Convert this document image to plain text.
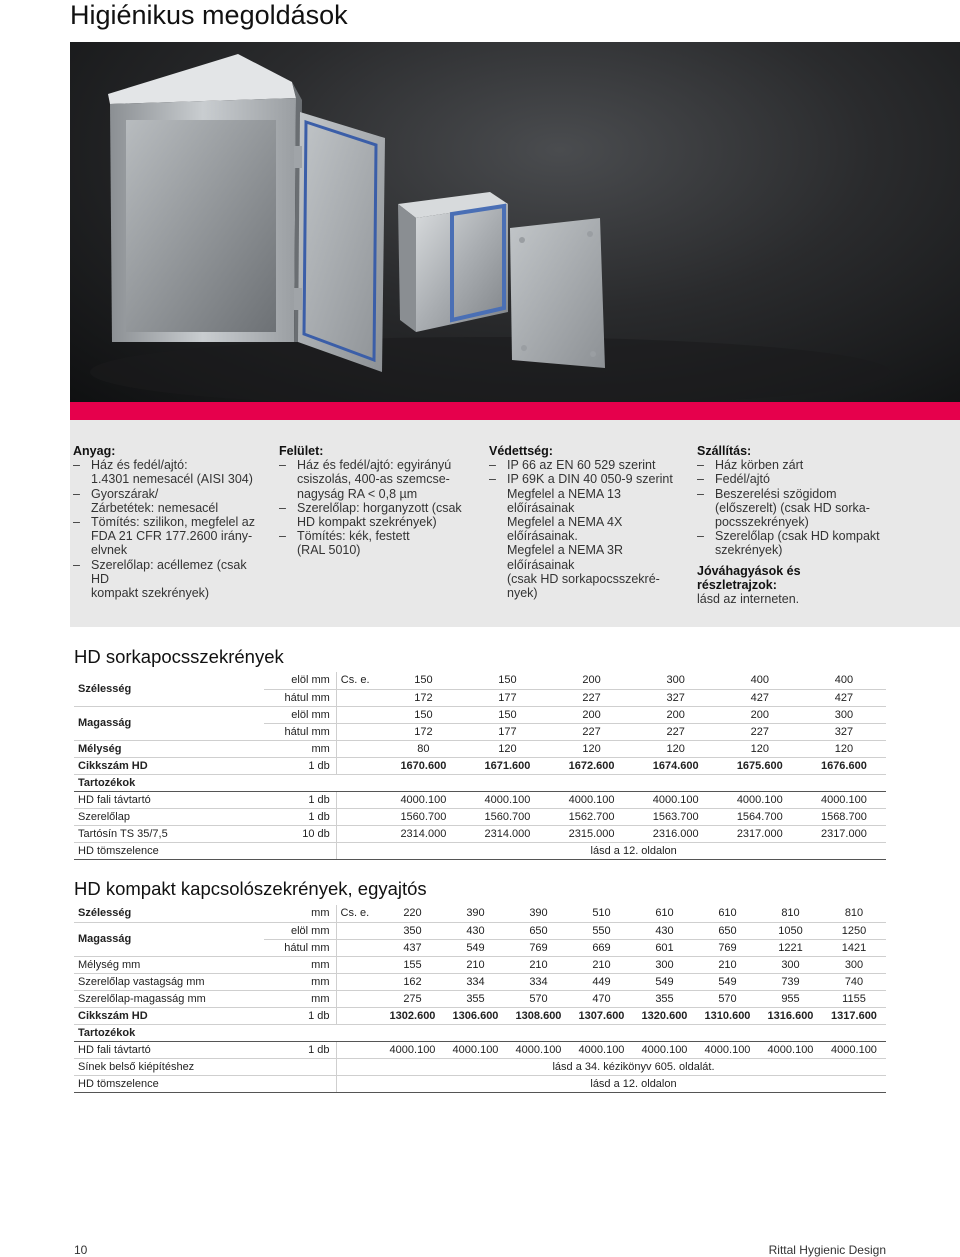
Higiénikus megoldások
Anyag:
– Ház és fedél/ajtó:
1.4301 nemesacél (AISI 304)
– Gyorszárak/
Zárbetétek: nemesacél
– Tömítés: szilikon, megfelel az
FDA 21 CFR 177.2600 irány-
elvnek
– Szerelőlap: acéllemez (csak HD
kompakt szekrények)
Felület:
– Ház és fedél/ajtó: egyirányú
csiszolás, 400-as szemcse-
nagyság RA < 0,8 µm
– Szerelőlap: horganyzott (csak
HD kompakt szekrények)
– Tömítés: kék, festett
(RAL 5010)
Védettség:
– IP 66 az EN 60 529 szerint
– IP 69K a DIN 40 050-9 szerint
Megfelel a NEMA 13
előírásainak
Megfelel a NEMA 4X
előírásainak.
Megfelel a NEMA 3R
előírásainak
(csak HD sorkapocsszekré-
nyek)
Szállítás:
– Ház körben zárt
– Fedél/ajtó
– Beszerelési szögidom
(előszerelt) (csak HD sorka-
pocsszekrények)
– Szerelőlap (csak HD kompakt
szekrények)
Jóváhagyások és
részletrajzok:
lásd az interneten.
HD sorkapocsszekrények
Szélesség	elöl mm	Cs. e.	150	150	200	300	400	400
	hátul mm		172	177	227	327	427	427
Magasság	elöl mm		150	150	200	200	200	300
	hátul mm		172	177	227	227	227	327
Mélység	mm		80	120	120	120	120	120
Cikkszám HD	1 db		1670.600	1671.600	1672.600	1674.600	1675.600	1676.600
Tartozékok								
HD fali távtartó	1 db		4000.100	4000.100	4000.100	4000.100	4000.100	4000.100
Szerelőlap	1 db		1560.700	1560.700	1562.700	1563.700	1564.700	1568.700
Tartósín TS 35/7,5	10 db		2314.000	2314.000	2315.000	2316.000	2317.000	2317.000
HD tömszelence			lásd a 12. oldalon					
HD kompakt kapcsolószekrények, egyajtós
Szélesség	mm	Cs. e.	220	390	390	510	610	610	810	810
Magasság	elöl mm		350	430	650	550	430	650	1050	1250
	hátul mm		437	549	769	669	601	769	1221	1421
Mélység mm	mm		155	210	210	210	300	210	300	300
Szerelőlap vastagság mm	mm		162	334	334	449	549	549	739	740
Szerelőlap-magasság mm	mm		275	355	570	470	355	570	955	1155
Cikkszám HD	1 db		1302.600	1306.600	1308.600	1307.600	1320.600	1310.600	1316.600	1317.600
Tartozékok										
HD fali távtartó	1 db		4000.100	4000.100	4000.100	4000.100	4000.100	4000.100	4000.100	4000.100
Sínek belső kiépítéshez			lásd a 34. kézikönyv 605. oldalát.							
HD tömszelence			lásd a 12. oldalon							
10	Rittal Hygienic Design
